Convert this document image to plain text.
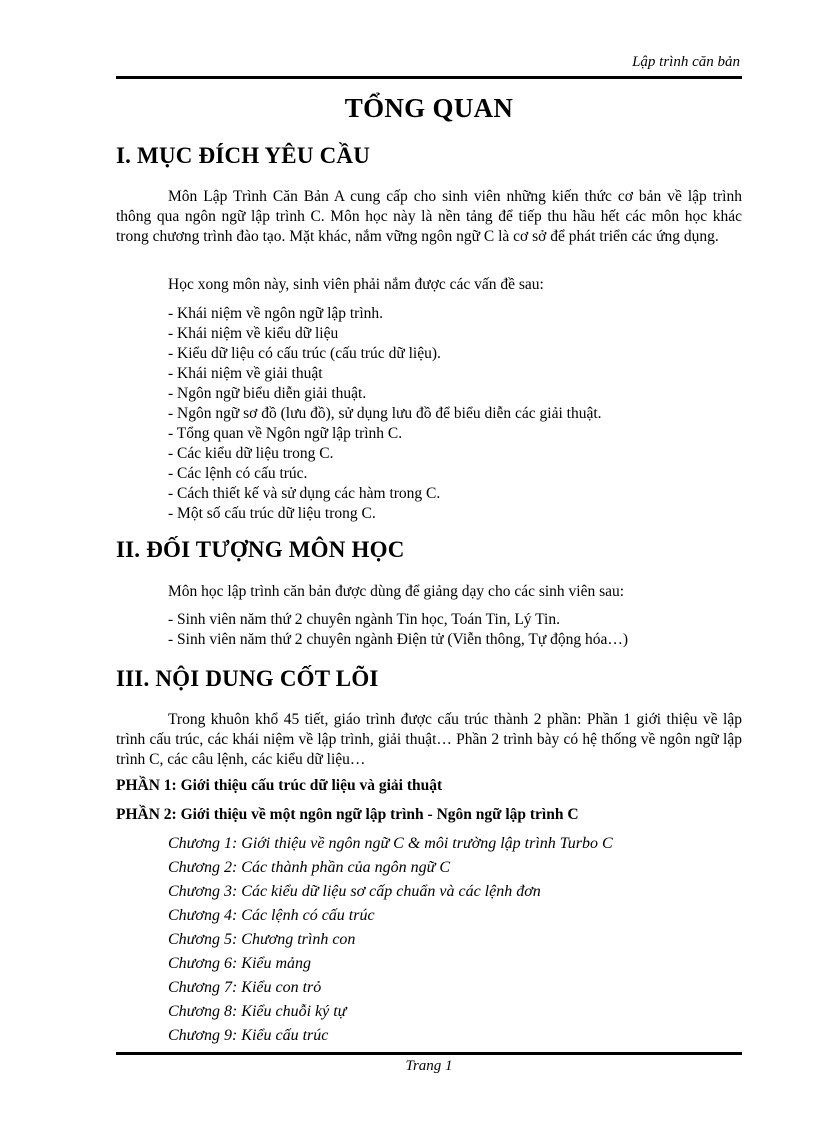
Lập trình căn bản
TỔNG QUAN
I. MỤC ĐÍCH YÊU CẦU

Môn Lập Trình Căn Bản A cung cấp cho sinh viên những kiến thức cơ bản về lập trình thông qua ngôn ngữ lập trình C. Môn học này là nền tảng để tiếp thu hầu hết các môn học khác trong chương trình đào tạo. Mặt khác, nắm vững ngôn ngữ C là cơ sở để phát triển các ứng dụng.

Học xong môn này, sinh viên phải nắm được các vấn đề sau:
- Khái niệm về ngôn ngữ lập trình.
- Khái niệm về kiểu dữ liệu
- Kiểu dữ liệu có cấu trúc (cấu trúc dữ liệu).
- Khái niệm về giải thuật
- Ngôn ngữ biểu diễn giải thuật.
- Ngôn ngữ sơ đồ (lưu đồ), sử dụng lưu đồ để biểu diễn các giải thuật.
- Tổng quan về Ngôn ngữ lập trình C.
- Các kiểu dữ liệu trong C.
- Các lệnh có cấu trúc.
- Cách thiết kế và sử dụng các hàm trong C.
- Một số cấu trúc dữ liệu trong C.
II. ĐỐI TƯỢNG MÔN HỌC
Môn học lập trình căn bản được dùng để giảng dạy cho các sinh viên sau:
- Sinh viên năm thứ 2 chuyên ngành Tin học, Toán Tin, Lý Tin.
- Sinh viên năm thứ 2 chuyên ngành Điện tử (Viễn thông, Tự động hóa…)
III. NỘI DUNG CỐT LÕI

Trong khuôn khổ 45 tiết, giáo trình được cấu trúc thành 2 phần: Phần 1 giới thiệu về lập trình cấu trúc, các khái niệm về lập trình, giải thuật… Phần 2 trình bày có hệ thống về ngôn ngữ lập trình C, các câu lệnh, các kiểu dữ liệu…

PHẦN 1: Giới thiệu cấu trúc dữ liệu và giải thuật
PHẦN 2: Giới thiệu về một ngôn ngữ lập trình - Ngôn ngữ lập trình C
Chương 1: Giới thiệu về ngôn ngữ C & môi trường lập trình Turbo C
Chương 2: Các thành phần của ngôn ngữ C
Chương 3: Các kiểu dữ liệu sơ cấp chuẩn và các lệnh đơn
Chương 4: Các lệnh có cấu trúc
Chương 5: Chương trình con
Chương 6: Kiểu mảng
Chương 7: Kiểu con trỏ
Chương 8: Kiểu chuỗi ký tự
Chương 9: Kiểu cấu trúc
Trang 1
